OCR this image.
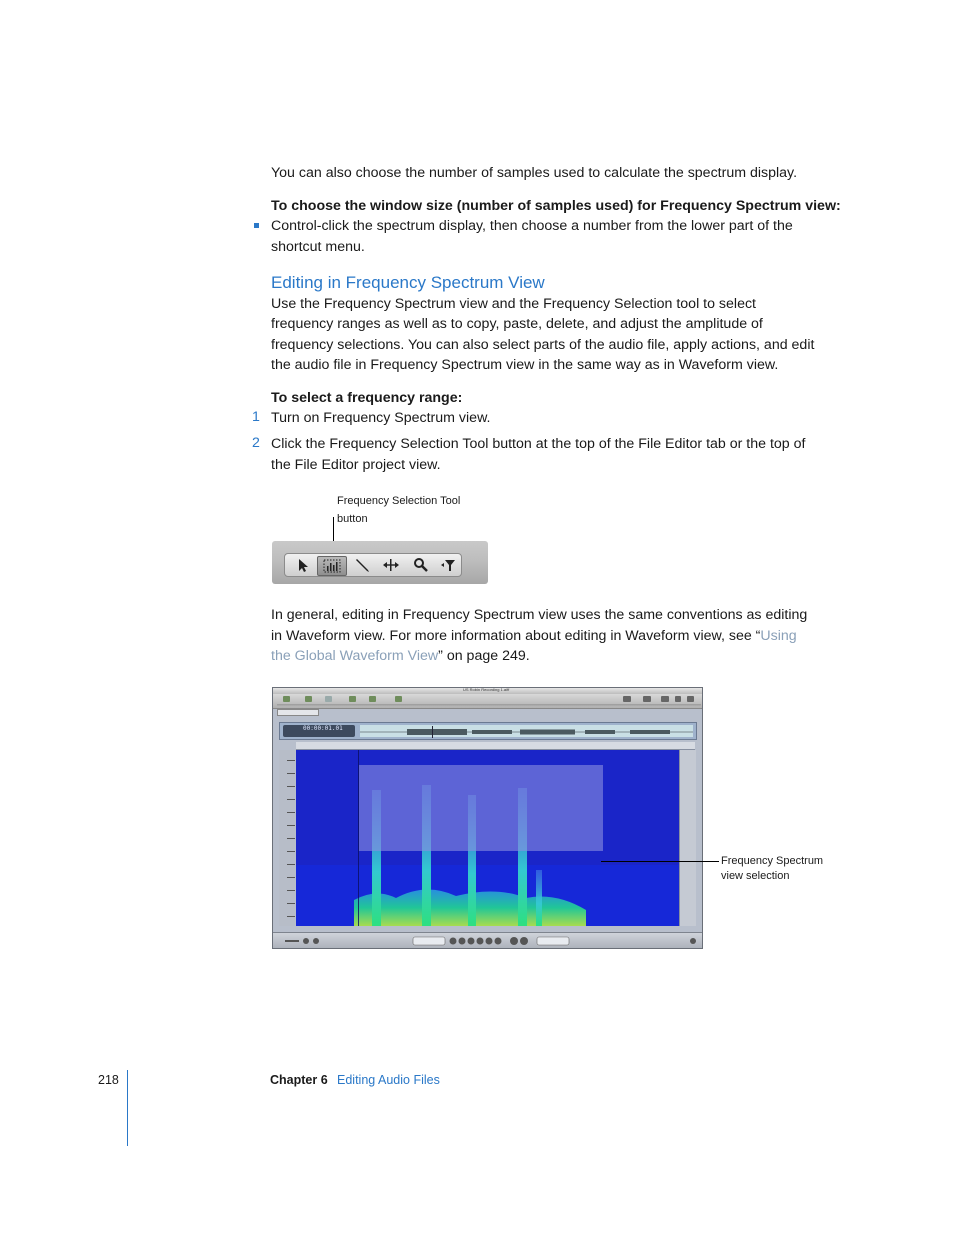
You can also choose the number of samples used to calculate the spectrum display.
To choose the window size (number of samples used) for Frequency Spectrum view:
Control-click the spectrum display, then choose a number from the lower part of the
shortcut menu.
Editing in Frequency Spectrum View
Use the Frequency Spectrum view and the Frequency Selection tool to select
frequency ranges as well as to copy, paste, delete, and adjust the amplitude of
frequency selections. You can also select parts of the audio file, apply actions, and edit
the audio file in Frequency Spectrum view in the same way as in Waveform view.
To select a frequency range:
1 Turn on Frequency Spectrum view.
2 Click the Frequency Selection Tool button at the top of the File Editor tab or the top of
the File Editor project view.
Frequency Selection Tool
button
In general, editing in Frequency Spectrum view uses the same conventions as editing
in Waveform view. For more information about editing in Waveform view, see “Using
the Global Waveform View” on page 249.
US Robin Recording 1.aiff
00:00:01.01
Frequency Spectrum
view selection
218	Chapter 6 Editing Audio Files
